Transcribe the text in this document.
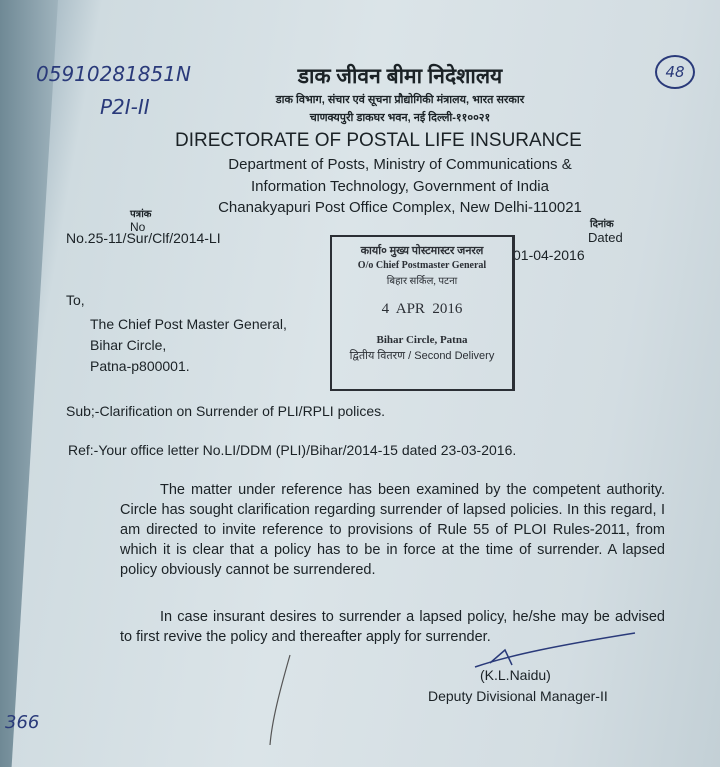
05910281851N
P2I-II
48
डाक जीवन बीमा निदेशालय
डाक विभाग, संचार एवं सूचना प्रौद्योगिकी मंत्रालय, भारत सरकार
चाणक्यपुरी डाकघर भवन, नई दिल्ली-११००२१
DIRECTORATE OF POSTAL LIFE INSURANCE
Department of Posts, Ministry of Communications &
Information Technology, Government of India
Chanakyapuri Post Office Complex, New Delhi-110021
पत्रांक
No
No.25-11/Sur/Clf/2014-LI
दिनांक
Dated
01-04-2016
कार्या० मुख्य पोस्टमास्टर जनरल
O/o Chief Postmaster General
बिहार सर्किल, पटना
4  APR  2016
Bihar Circle, Patna
द्वितीय वितरण / Second Delivery
To,
The Chief Post Master General,
Bihar Circle,
Patna-p800001.
Sub;-Clarification on Surrender of PLI/RPLI polices.
Ref:-Your office letter No.LI/DDM (PLI)/Bihar/2014-15 dated 23-03-2016.
The matter under reference has been examined by the competent authority. Circle has sought clarification regarding surrender of lapsed policies. In this regard, I am directed to invite reference to provisions of Rule 55 of PLOI Rules-2011, from which it is clear that a policy has to be in force at the time of surrender. A lapsed policy obviously cannot be surrendered.
In case insurant desires to surrender a lapsed policy, he/she may be advised to first revive the policy and thereafter apply for surrender.
(K.L.Naidu)
Deputy Divisional Manager-II
366
